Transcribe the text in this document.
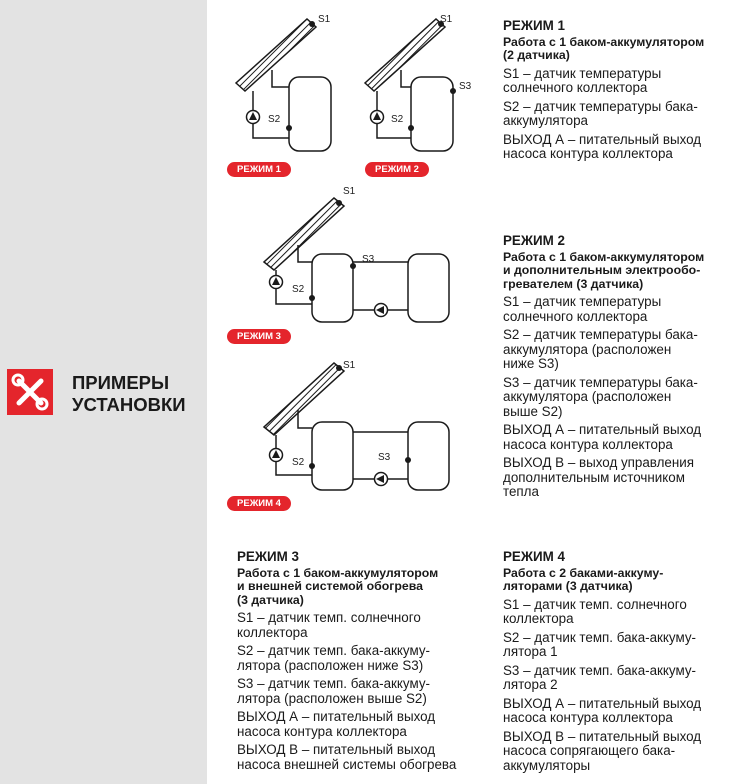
ПРИМЕРЫ
УСТАНОВКИ
S1
S2
S1
S2
S3
S1
S2
S3
S1
S2	S3
РЕЖИМ 1	РЕЖИМ 2
РЕЖИМ 3
РЕЖИМ 4
РЕЖИМ 1
Работа с 1 баком-аккумулятором
(2 датчика)
S1 – датчик температуры
солнечного коллектора
S2 – датчик температуры бака-
аккумулятора
ВЫХОД А – питательный выход
насоса контура коллектора
РЕЖИМ 2
Работа с 1 баком-аккумулятором
и дополнительным электрообо-
гревателем (3 датчика)
S1 – датчик температуры
солнечного коллектора
S2 – датчик температуры бака-
аккумулятора (расположен
ниже S3)
S3 – датчик температуры бака-
аккумулятора (расположен
выше S2)
ВЫХОД А – питательный выход
насоса контура коллектора
ВЫХОД В – выход управления
дополнительным источником
тепла
РЕЖИМ 3
Работа с 1 баком-аккумулятором
и внешней системой обогрева
(3 датчика)
S1 – датчик темп. солнечного
коллектора
S2 – датчик темп. бака-аккуму-
лятора (расположен ниже S3)
S3 – датчик темп. бака-аккуму-
лятора (расположен выше S2)
ВЫХОД А – питательный выход
насоса контура коллектора
ВЫХОД В – питательный выход
насоса внешней системы обогрева
РЕЖИМ 4
Работа с 2 баками-аккуму-
ляторами (3 датчика)
S1 – датчик темп. солнечного
коллектора
S2 – датчик темп. бака-аккуму-
лятора 1
S3 – датчик темп. бака-аккуму-
лятора 2
ВЫХОД А – питательный выход
насоса контура коллектора
ВЫХОД В – питательный выход
насоса сопрягающего бака-
аккумуляторы
